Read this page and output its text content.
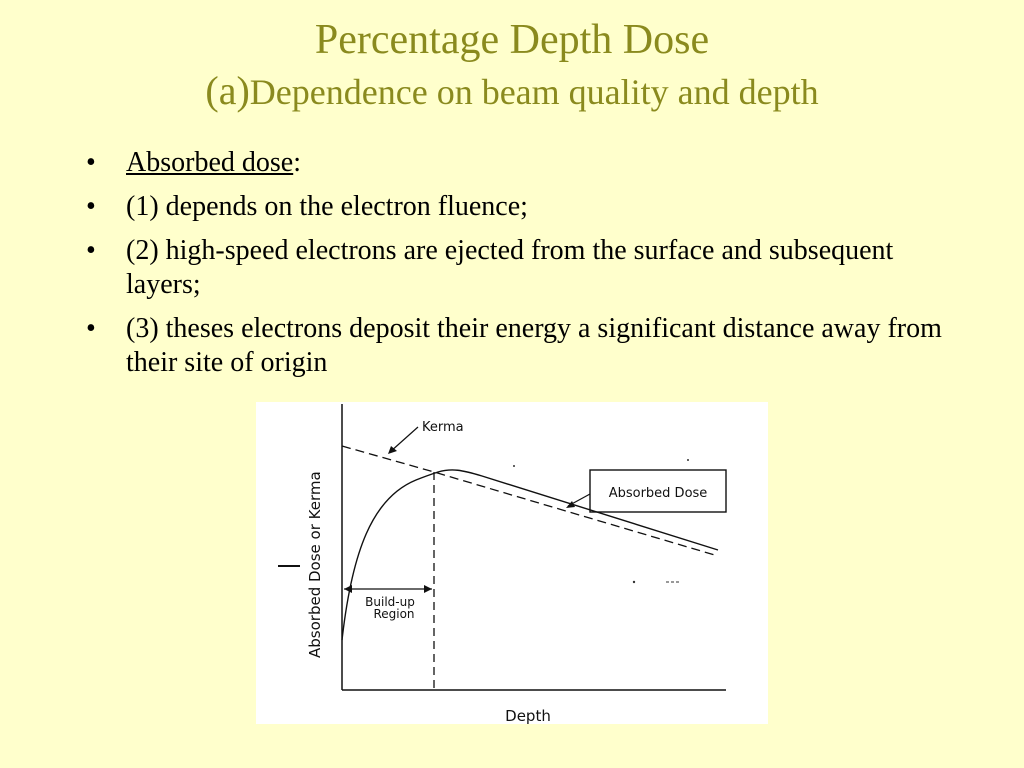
Percentage Depth Dose
(a)Dependence on beam quality and depth
• Absorbed dose:
• (1) depends on the electron fluence;
• (2) high-speed electrons are ejected from the surface and subsequent layers;
• (3) theses electrons deposit their energy a significant distance away from their site of origin
Absorbed Dose or Kerma
Depth
Build-up
Region
Kerma
Absorbed Dose
